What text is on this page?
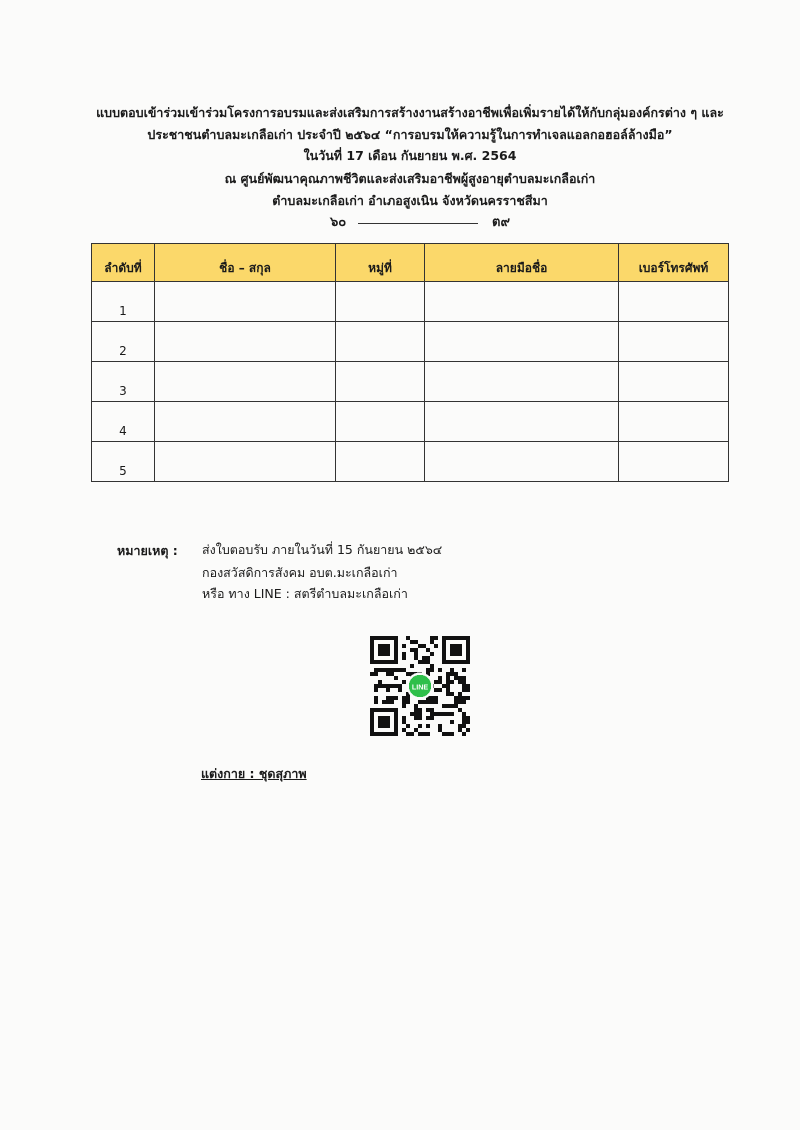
แบบตอบเข้าร่วมเข้าร่วมโครงการอบรมและส่งเสริมการสร้างงานสร้างอาชีพเพื่อเพิ่มรายได้ให้กับกลุ่มองค์กรต่าง ๆ และ
ประชาชนตำบลมะเกลือเก่า ประจำปี ๒๕๖๔ “การอบรมให้ความรู้ในการทำเจลแอลกอฮอล์ล้างมือ”
ในวันที่ 17 เดือน กันยายน พ.ศ. 2564
ณ ศูนย์พัฒนาคุณภาพชีวิตและส่งเสริมอาชีพผู้สูงอายุตำบลมะเกลือเก่า
ตำบลมะเกลือเก่า อำเภอสูงเนิน จังหวัดนครราชสีมา
๖๐	ต๙
ลำดับที่	ชื่อ – สกุล	หมู่ที่	ลายมือชื่อ	เบอร์โทรศัพท์
1				
2				
3				
4				
5				
หมายเหตุ : ส่งใบตอบรับ ภายในวันที่ 15 กันยายน ๒๕๖๔
กองสวัสดิการสังคม อบต.มะเกลือเก่า
หรือ ทาง LINE : สตรีตำบลมะเกลือเก่า
LINE
แต่งกาย : ชุดสุภาพ
